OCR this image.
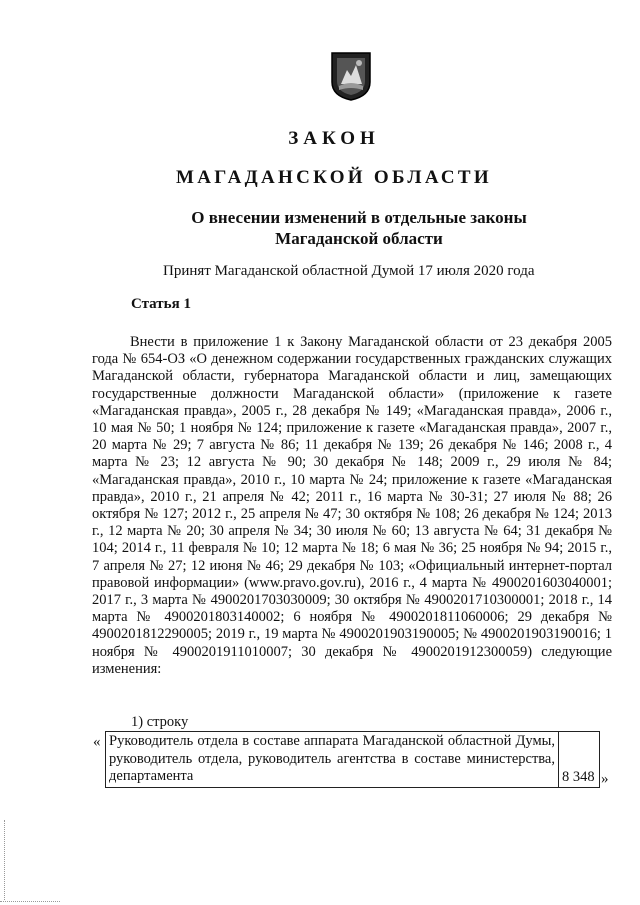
ЗАКОН
МАГАДАНСКОЙ ОБЛАСТИ
О внесении изменений в отдельные законы
Магаданской области

Принят Магаданской областной Думой 17 июля 2020 года

Статья 1

Внести в приложение 1 к Закону Магаданской области от 23 декабря 2005 года № 654-ОЗ «О денежном содержании государственных гражданских служащих Магаданской области, губернатора Магаданской области и лиц, замещающих государственные должности Магаданской области» (приложение к газете «Магаданская правда», 2005 г., 28 декабря № 149; «Магаданская правда», 2006 г., 10 мая № 50; 1 ноября № 124; приложение к газете «Магаданская правда», 2007 г., 20 марта № 29; 7 августа № 86; 11 декабря № 139; 26 декабря № 146; 2008 г., 4 марта № 23; 12 августа № 90; 30 декабря № 148; 2009 г., 29 июля № 84; «Магаданская правда», 2010 г., 10 марта № 24; приложение к газете «Магаданская правда», 2010 г., 21 апреля № 42; 2011 г., 16 марта № 30-31; 27 июля № 88; 26 октября № 127; 2012 г., 25 апреля № 47; 30 октября № 108; 26 декабря № 124; 2013 г., 12 марта № 20; 30 апреля № 34; 30 июля № 60; 13 августа № 64; 31 декабря № 104; 2014 г., 11 февраля № 10; 12 марта № 18; 6 мая № 36; 25 ноября № 94; 2015 г., 7 апреля № 27; 12 июня № 46; 29 декабря № 103; «Официальный интернет-портал правовой информации» (www.pravo.gov.ru), 2016 г., 4 марта № 4900201603040001; 2017 г., 3 марта № 4900201703030009; 30 октября № 4900201710300001; 2018 г., 14 марта № 4900201803140002; 6 ноября № 4900201811060006; 29 декабря № 4900201812290005; 2019 г., 19 марта № 4900201903190005; № 4900201903190016; 1 ноября № 4900201911010007; 30 декабря № 4900201912300059) следующие изменения:

1) строку

« Руководитель отдела в составе аппарата Магаданской областной Думы, руководитель отдела, руководитель агентства в составе министерства, департамента	8 348 »
